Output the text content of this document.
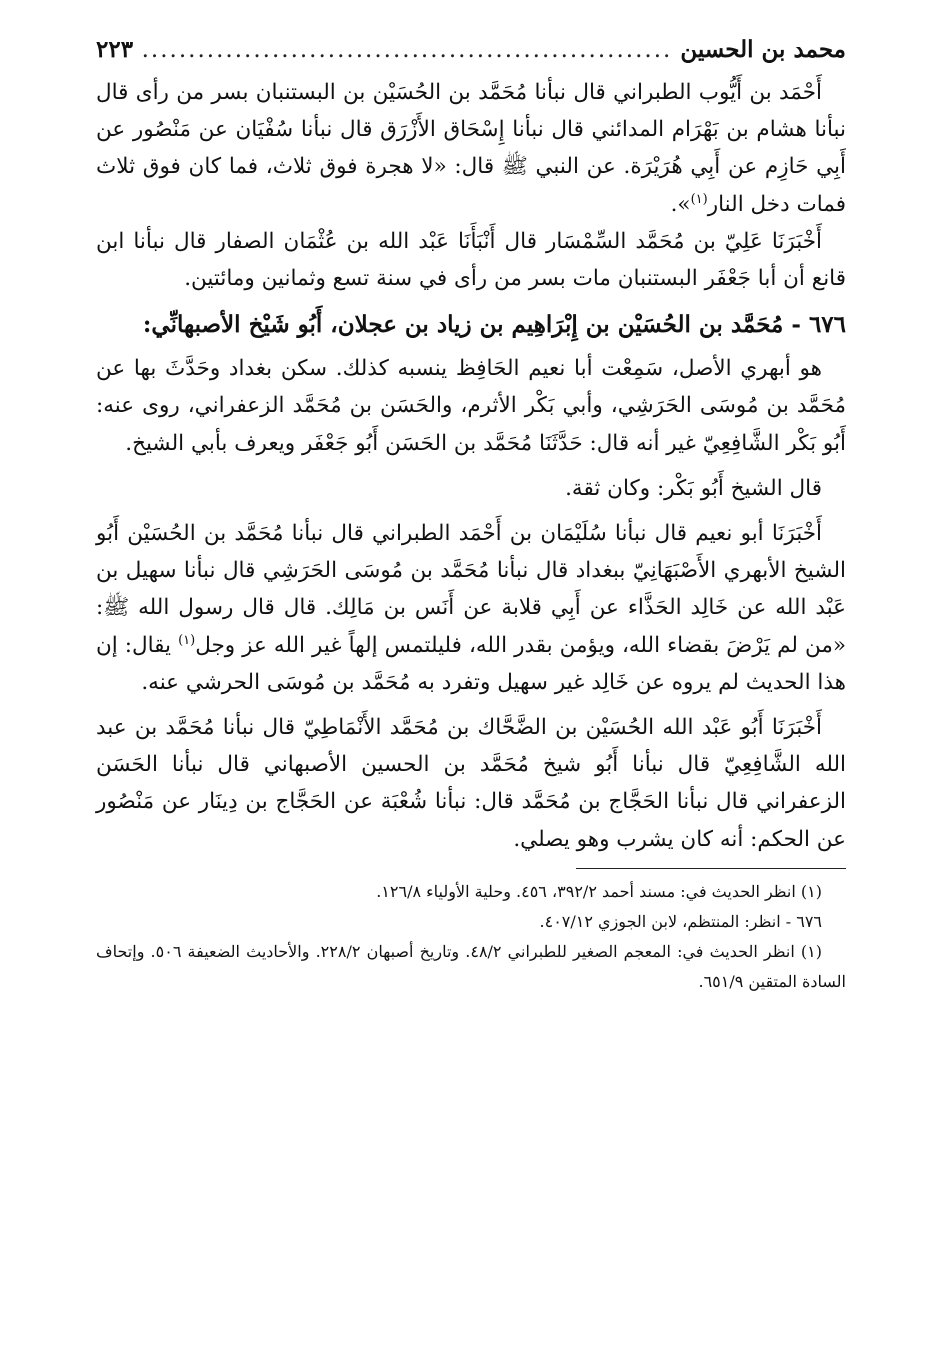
محمد بن الحسين
.....
٢٢٣

أَحْمَد بن أَيُّوب الطبراني قال نبأنا مُحَمَّد بن الحُسَيْن بن البستنبان بسر من رأى قال نبأنا هشام بن بَهْرَام المدائني قال نبأنا إِسْحَاق الأَزْرَق قال نبأنا سُفْيَان عن مَنْصُور عن أَبِي حَازِم عن أَبِي هُرَيْرَة. عن النبي ﷺ قال: «لا هجرة فوق ثلاث، فما كان فوق ثلاث فمات دخل النار$^{(١)}$».

أَخْبَرَنَا عَلِيّ بن مُحَمَّد السِّمْسَار قال أَنْبَأَنَا عَبْد الله بن عُثْمَان الصفار قال نبأنا ابن قانع أن أبا جَعْفَر البستنبان مات بسر من رأى في سنة تسع وثمانين ومائتين.

٦٧٦ - مُحَمَّد بن الحُسَيْن بن إِبْرَاهِيم بن زياد بن عجلان، أَبُو شَيْخ الأصبهانِّي:

هو أبهري الأصل، سَمِعْت أبا نعيم الحَافِظ ينسبه كذلك. سكن بغداد وحَدَّثَ بها عن مُحَمَّد بن مُوسَى الحَرَشِي، وأبي بَكْر الأثرم، والحَسَن بن مُحَمَّد الزعفراني، روى عنه: أَبُو بَكْر الشَّافِعِيّ غير أنه قال: حَدَّثَنَا مُحَمَّد بن الحَسَن أَبُو جَعْفَر ويعرف بأبي الشيخ.

قال الشيخ أَبُو بَكْر: وكان ثقة.

أَخْبَرَنَا أبو نعيم قال نبأنا سُلَيْمَان بن أَحْمَد الطبراني قال نبأنا مُحَمَّد بن الحُسَيْن أَبُو الشيخ الأبهري الأَصْبَهَانِيّ ببغداد قال نبأنا مُحَمَّد بن مُوسَى الحَرَشِي قال نبأنا سهيل بن عَبْد الله عن خَالِد الحَذَّاء عن أَبِي قلابة عن أَنَس بن مَالِك. قال قال رسول الله ﷺ: «من لم يَرْضَ بقضاء الله، ويؤمن بقدر الله، فليلتمس إلهاً غير الله عز وجل$^{(١)}$ يقال: إن هذا الحديث لم يروه عن خَالِد غير سهيل وتفرد به مُحَمَّد بن مُوسَى الحرشي عنه.

أَخْبَرَنَا أَبُو عَبْد الله الحُسَيْن بن الضَّحَّاك بن مُحَمَّد الأَنْمَاطِيّ قال نبأنا مُحَمَّد بن عبد الله الشَّافِعِيّ قال نبأنا أَبُو شيخ مُحَمَّد بن الحسين الأصبهاني قال نبأنا الحَسَن الزعفراني قال نبأنا الحَجَّاج بن مُحَمَّد قال: نبأنا شُعْبَة عن الحَجَّاج بن دِينَار عن مَنْصُور عن الحكم: أنه كان يشرب وهو يصلي.

(١) انظر الحديث في: مسند أحمد ٣٩٢/٢، ٤٥٦. وحلية الأولياء ١٢٦/٨.

٦٧٦ - انظر: المنتظم، لابن الجوزي ٤٠٧/١٢.

(١) انظر الحديث في: المعجم الصغير للطبراني ٤٨/٢. وتاريخ أصبهان ٢٢٨/٢. والأحاديث الضعيفة ٥٠٦. وإتحاف السادة المتقين ٦٥١/٩.
